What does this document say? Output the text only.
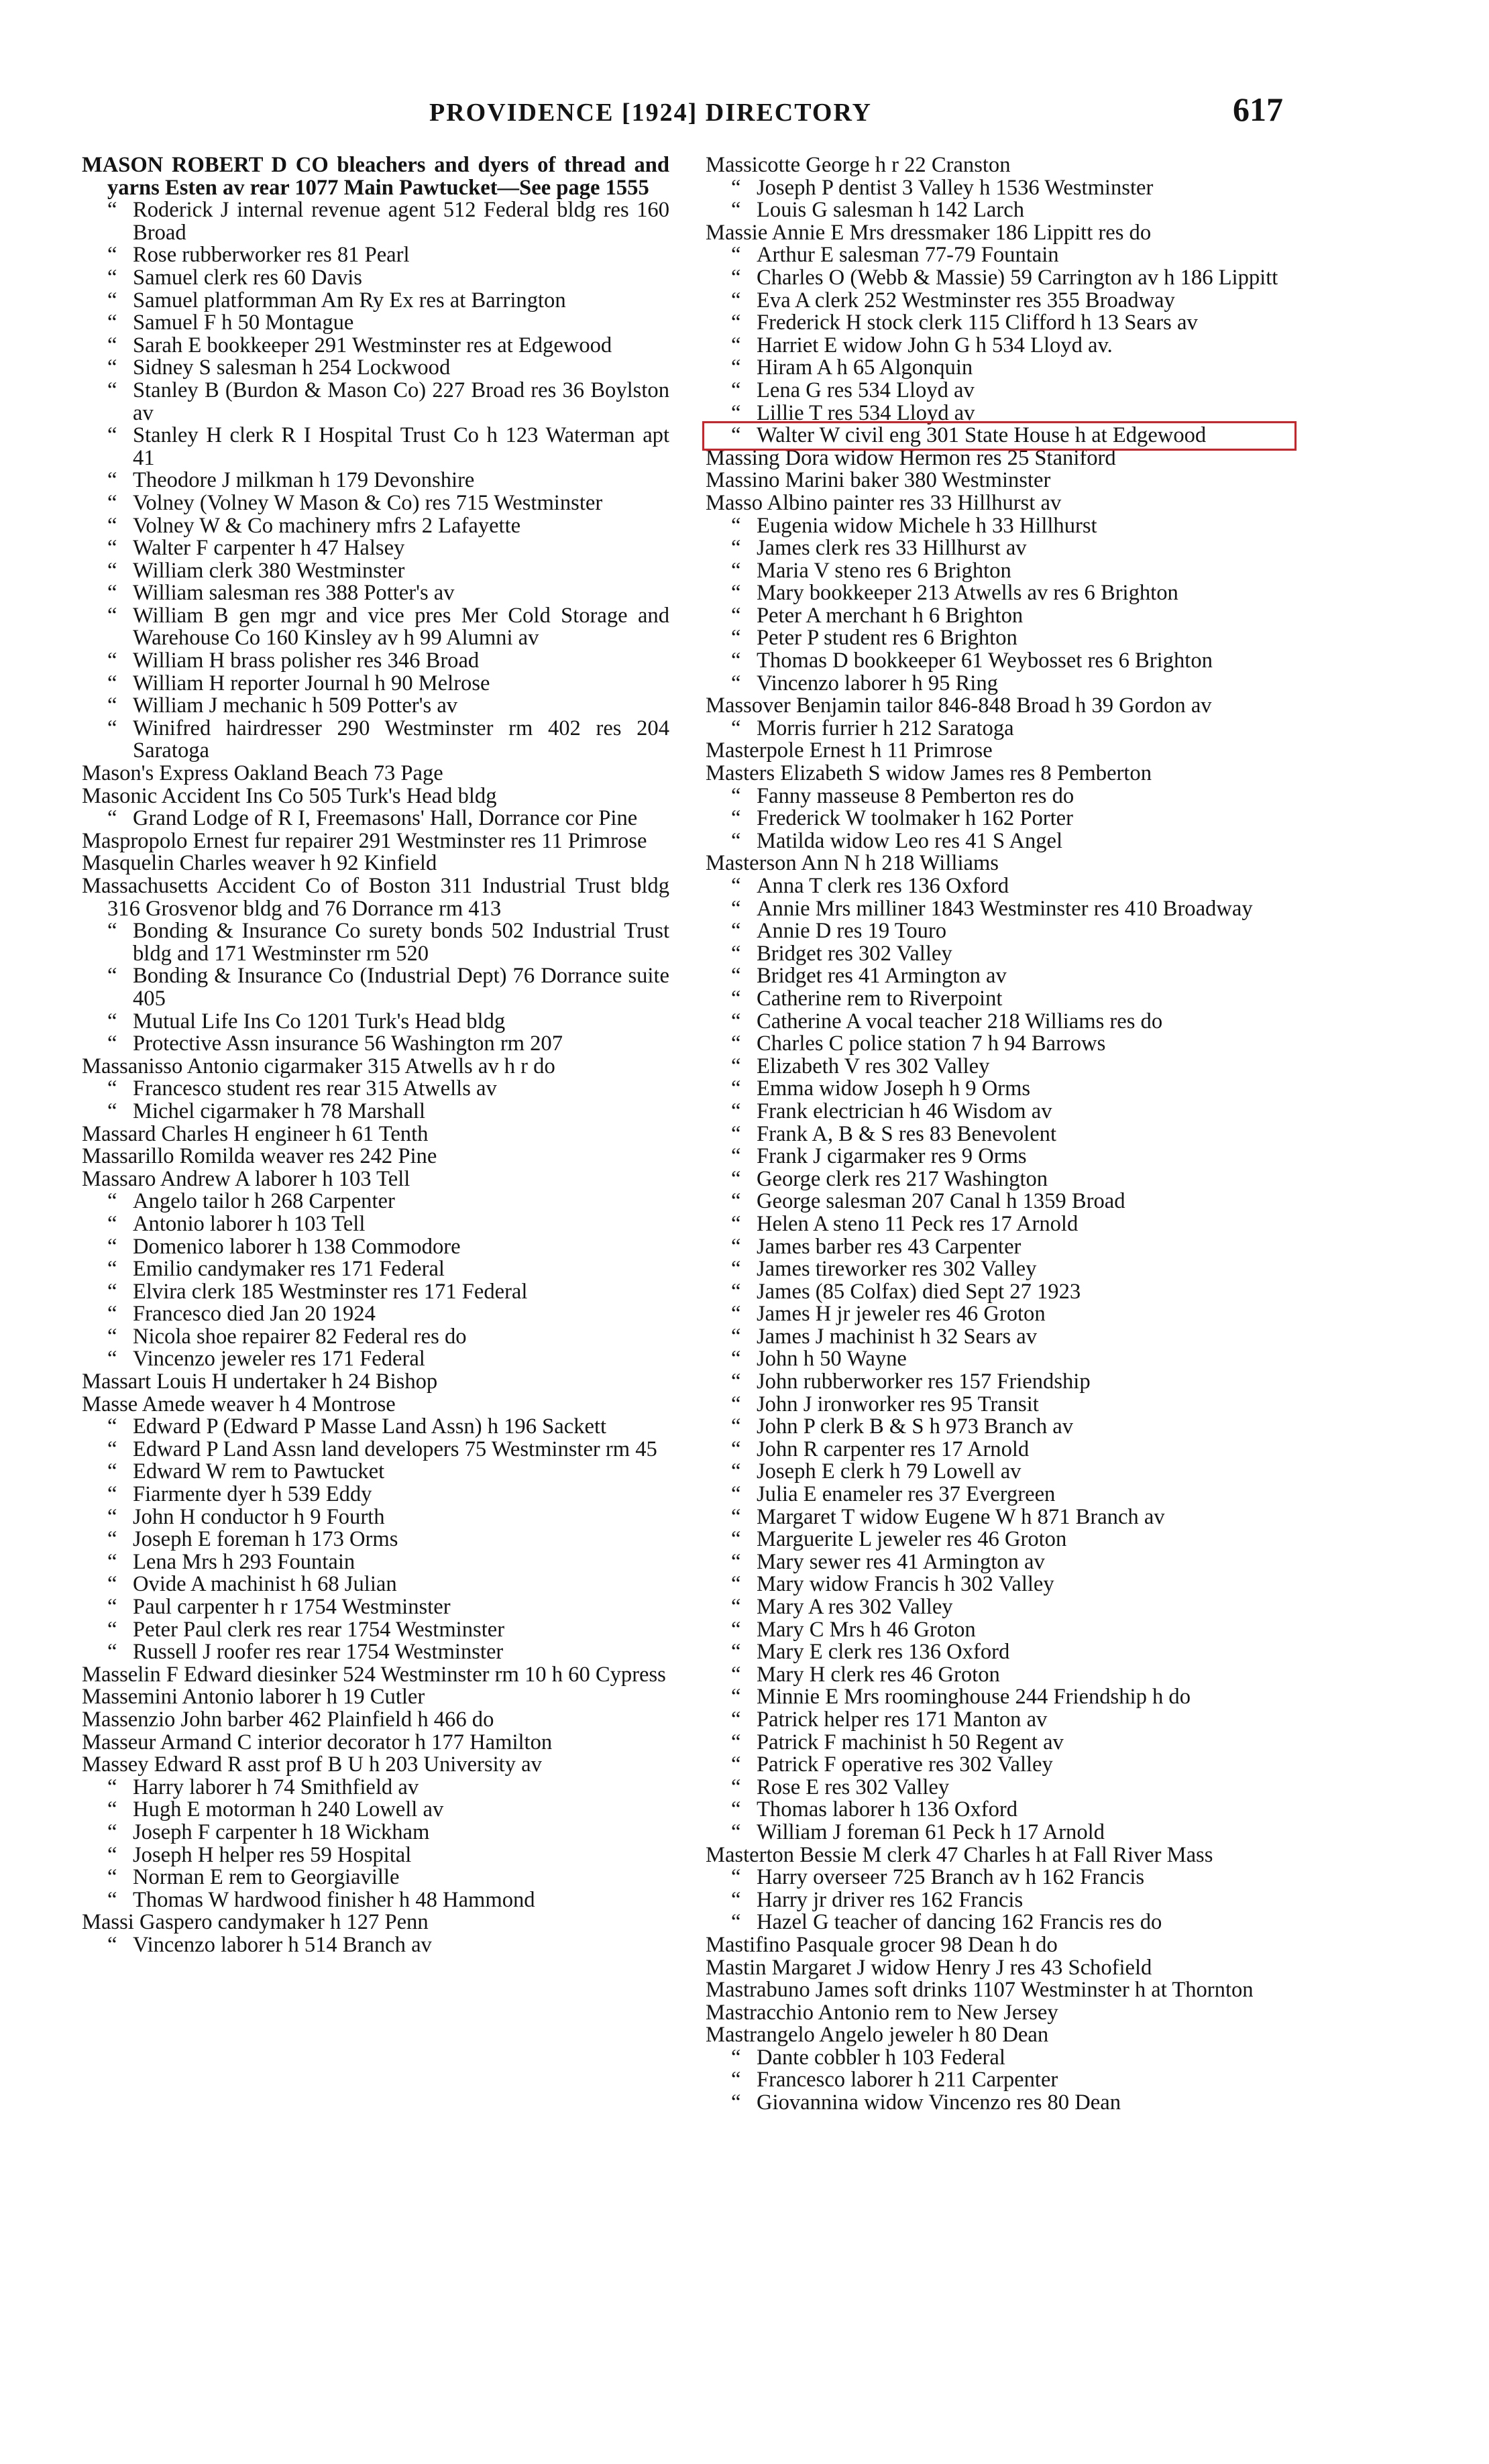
PROVIDENCE [1924] DIRECTORY	617
MASON ROBERT D CO bleachers and dyers of thread and yarns Esten av rear 1077 Main Pawtucket—See page 1555
“ Roderick J internal revenue agent 512 Federal bldg res 160 Broad
“ Rose rubberworker res 81 Pearl
“ Samuel clerk res 60 Davis
“ Samuel platformman Am Ry Ex res at Barrington
“ Samuel F h 50 Montague
“ Sarah E bookkeeper 291 Westminster res at Edgewood
“ Sidney S salesman h 254 Lockwood
“ Stanley B (Burdon & Mason Co) 227 Broad res 36 Boylston av
“ Stanley H clerk R I Hospital Trust Co h 123 Waterman apt 41
“ Theodore J milkman h 179 Devonshire
“ Volney (Volney W Mason & Co) res 715 Westminster
“ Volney W & Co machinery mfrs 2 Lafayette
“ Walter F carpenter h 47 Halsey
“ William clerk 380 Westminster
“ William salesman res 388 Potter's av
“ William B gen mgr and vice pres Mer Cold Storage and Warehouse Co 160 Kinsley av h 99 Alumni av
“ William H brass polisher res 346 Broad
“ William H reporter Journal h 90 Melrose
“ William J mechanic h 509 Potter's av
“ Winifred hairdresser 290 Westminster rm 402 res 204 Saratoga
Mason's Express Oakland Beach 73 Page
Masonic Accident Ins Co 505 Turk's Head bldg
“ Grand Lodge of R I, Freemasons' Hall, Dorrance cor Pine
Maspropolo Ernest fur repairer 291 Westminster res 11 Primrose
Masquelin Charles weaver h 92 Kinfield
Massachusetts Accident Co of Boston 311 Industrial Trust bldg 316 Grosvenor bldg and 76 Dorrance rm 413
“ Bonding & Insurance Co surety bonds 502 Industrial Trust bldg and 171 Westminster rm 520
“ Bonding & Insurance Co (Industrial Dept) 76 Dorrance suite 405
“ Mutual Life Ins Co 1201 Turk's Head bldg
“ Protective Assn insurance 56 Washington rm 207
Massanisso Antonio cigarmaker 315 Atwells av h r do
“ Francesco student res rear 315 Atwells av
“ Michel cigarmaker h 78 Marshall
Massard Charles H engineer h 61 Tenth
Massarillo Romilda weaver res 242 Pine
Massaro Andrew A laborer h 103 Tell
“ Angelo tailor h 268 Carpenter
“ Antonio laborer h 103 Tell
“ Domenico laborer h 138 Commodore
“ Emilio candymaker res 171 Federal
“ Elvira clerk 185 Westminster res 171 Federal
“ Francesco died Jan 20 1924
“ Nicola shoe repairer 82 Federal res do
“ Vincenzo jeweler res 171 Federal
Massart Louis H undertaker h 24 Bishop
Masse Amede weaver h 4 Montrose
“ Edward P (Edward P Masse Land Assn) h 196 Sackett
“ Edward P Land Assn land developers 75 Westminster rm 45
“ Edward W rem to Pawtucket
“ Fiarmente dyer h 539 Eddy
“ John H conductor h 9 Fourth
“ Joseph E foreman h 173 Orms
“ Lena Mrs h 293 Fountain
“ Ovide A machinist h 68 Julian
“ Paul carpenter h r 1754 Westminster
“ Peter Paul clerk res rear 1754 Westminster
“ Russell J roofer res rear 1754 Westminster
Masselin F Edward diesinker 524 Westminster rm 10 h 60 Cypress
Massemini Antonio laborer h 19 Cutler
Massenzio John barber 462 Plainfield h 466 do
Masseur Armand C interior decorator h 177 Hamilton
Massey Edward R asst prof B U h 203 University av
“ Harry laborer h 74 Smithfield av
“ Hugh E motorman h 240 Lowell av
“ Joseph F carpenter h 18 Wickham
“ Joseph H helper res 59 Hospital
“ Norman E rem to Georgiaville
“ Thomas W hardwood finisher h 48 Hammond
Massi Gaspero candymaker h 127 Penn
“ Vincenzo laborer h 514 Branch av
Massicotte George h r 22 Cranston
“ Joseph P dentist 3 Valley h 1536 Westminster
“ Louis G salesman h 142 Larch
Massie Annie E Mrs dressmaker 186 Lippitt res do
“ Arthur E salesman 77-79 Fountain
“ Charles O (Webb & Massie) 59 Carrington av h 186 Lippitt
“ Eva A clerk 252 Westminster res 355 Broadway
“ Frederick H stock clerk 115 Clifford h 13 Sears av
“ Harriet E widow John G h 534 Lloyd av.
“ Hiram A h 65 Algonquin
“ Lena G res 534 Lloyd av
“ Lillie T res 534 Lloyd av
“ Walter W civil eng 301 State House h at Edgewood
Massing Dora widow Hermon res 25 Staniford
Massino Marini baker 380 Westminster
Masso Albino painter res 33 Hillhurst av
“ Eugenia widow Michele h 33 Hillhurst
“ James clerk res 33 Hillhurst av
“ Maria V steno res 6 Brighton
“ Mary bookkeeper 213 Atwells av res 6 Brighton
“ Peter A merchant h 6 Brighton
“ Peter P student res 6 Brighton
“ Thomas D bookkeeper 61 Weybosset res 6 Brighton
“ Vincenzo laborer h 95 Ring
Massover Benjamin tailor 846-848 Broad h 39 Gordon av
“ Morris furrier h 212 Saratoga
Masterpole Ernest h 11 Primrose
Masters Elizabeth S widow James res 8 Pemberton
“ Fanny masseuse 8 Pemberton res do
“ Frederick W toolmaker h 162 Porter
“ Matilda widow Leo res 41 S Angel
Masterson Ann N h 218 Williams
“ Anna T clerk res 136 Oxford
“ Annie Mrs milliner 1843 Westminster res 410 Broadway
“ Annie D res 19 Touro
“ Bridget res 302 Valley
“ Bridget res 41 Armington av
“ Catherine rem to Riverpoint
“ Catherine A vocal teacher 218 Williams res do
“ Charles C police station 7 h 94 Barrows
“ Elizabeth V res 302 Valley
“ Emma widow Joseph h 9 Orms
“ Frank electrician h 46 Wisdom av
“ Frank A, B & S res 83 Benevolent
“ Frank J cigarmaker res 9 Orms
“ George clerk res 217 Washington
“ George salesman 207 Canal h 1359 Broad
“ Helen A steno 11 Peck res 17 Arnold
“ James barber res 43 Carpenter
“ James tireworker res 302 Valley
“ James (85 Colfax) died Sept 27 1923
“ James H jr jeweler res 46 Groton
“ James J machinist h 32 Sears av
“ John h 50 Wayne
“ John rubberworker res 157 Friendship
“ John J ironworker res 95 Transit
“ John P clerk B & S h 973 Branch av
“ John R carpenter res 17 Arnold
“ Joseph E clerk h 79 Lowell av
“ Julia E enameler res 37 Evergreen
“ Margaret T widow Eugene W h 871 Branch av
“ Marguerite L jeweler res 46 Groton
“ Mary sewer res 41 Armington av
“ Mary widow Francis h 302 Valley
“ Mary A res 302 Valley
“ Mary C Mrs h 46 Groton
“ Mary E clerk res 136 Oxford
“ Mary H clerk res 46 Groton
“ Minnie E Mrs roominghouse 244 Friendship h do
“ Patrick helper res 171 Manton av
“ Patrick F machinist h 50 Regent av
“ Patrick F operative res 302 Valley
“ Rose E res 302 Valley
“ Thomas laborer h 136 Oxford
“ William J foreman 61 Peck h 17 Arnold
Masterton Bessie M clerk 47 Charles h at Fall River Mass
“ Harry overseer 725 Branch av h 162 Francis
“ Harry jr driver res 162 Francis
“ Hazel G teacher of dancing 162 Francis res do
Mastifino Pasquale grocer 98 Dean h do
Mastin Margaret J widow Henry J res 43 Schofield
Mastrabuno James soft drinks 1107 Westminster h at Thornton
Mastracchio Antonio rem to New Jersey
Mastrangelo Angelo jeweler h 80 Dean
“ Dante cobbler h 103 Federal
“ Francesco laborer h 211 Carpenter
“ Giovannina widow Vincenzo res 80 Dean
